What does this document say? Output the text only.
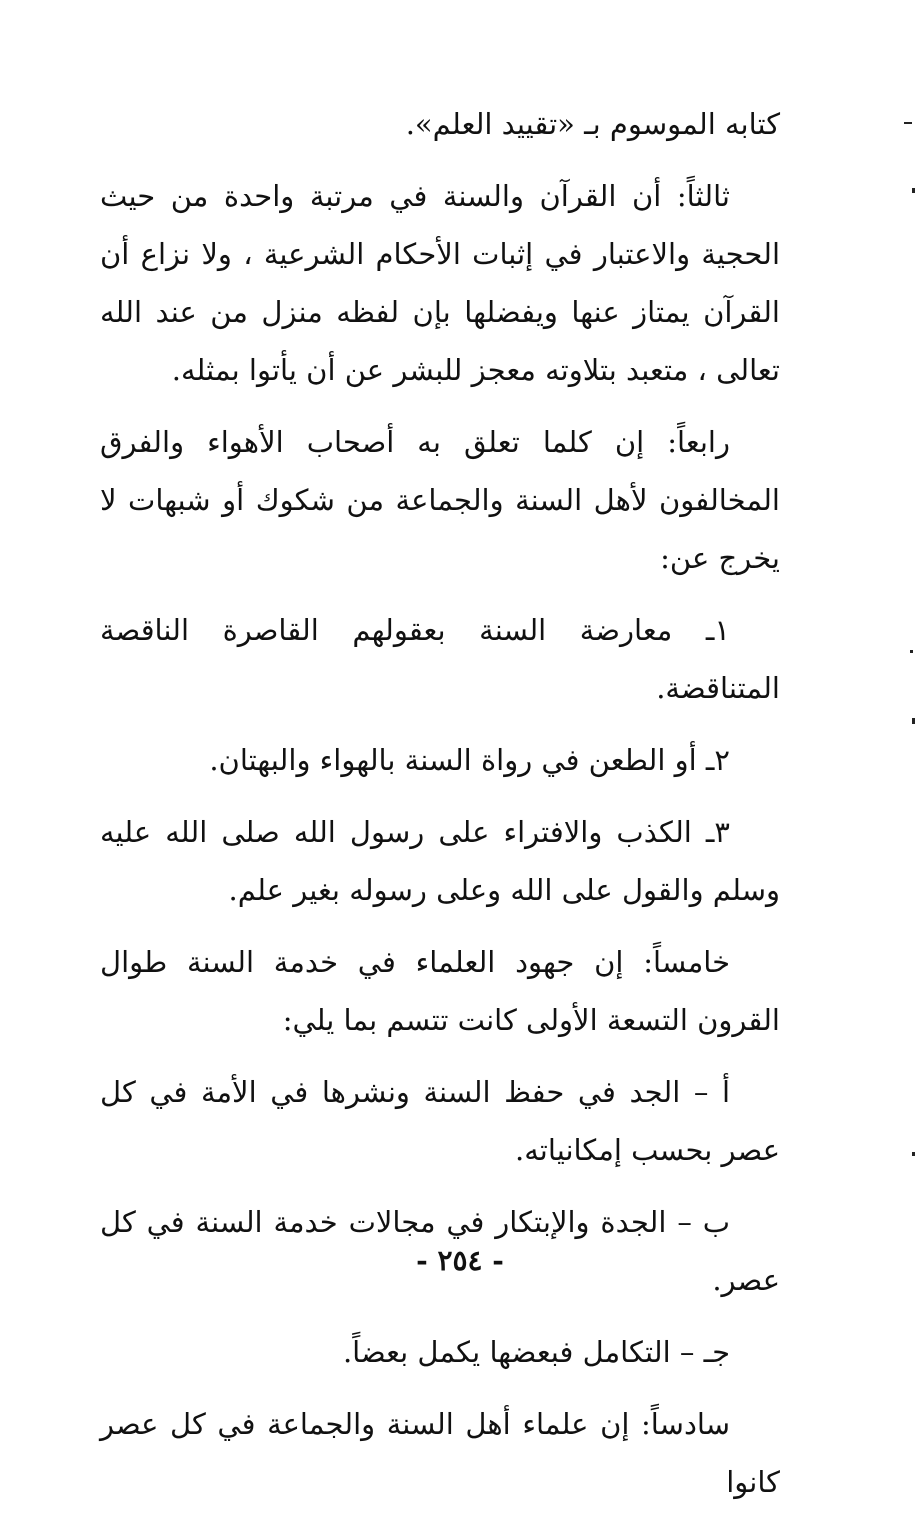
كتابه الموسوم بـ «تقييد العلم».

ثالثاً: أن القرآن والسنة في مرتبة واحدة من حيث الحجية والاعتبار في إثبات الأحكام الشرعية ، ولا نزاع أن القرآن يمتاز عنها ويفضلها بإن لفظه منزل من عند الله تعالى ، متعبد بتلاوته معجز للبشر عن أن يأتوا بمثله.

رابعاً: إن كلما تعلق به أصحاب الأهواء والفرق المخالفون لأهل السنة والجماعة من شكوك أو شبهات لا يخرج عن:

١ـ معارضة السنة بعقولهم القاصرة الناقصة المتناقضة.

٢ـ أو الطعن في رواة السنة بالهواء والبهتان.

٣ـ الكذب والافتراء على رسول الله صلى الله عليه وسلم والقول على الله وعلى رسوله بغير علم.

خامساً: إن جهود العلماء في خدمة السنة طوال القرون التسعة الأولى كانت تتسم بما يلي:

أ – الجد في حفظ السنة ونشرها في الأمة في كل عصر بحسب إمكانياته.

ب – الجدة والإبتكار في مجالات خدمة السنة في كل عصر.

جـ – التكامل فبعضها يكمل بعضاً.

سادساً: إن علماء أهل السنة والجماعة في كل عصر كانوا

- ٢٥٤ -
